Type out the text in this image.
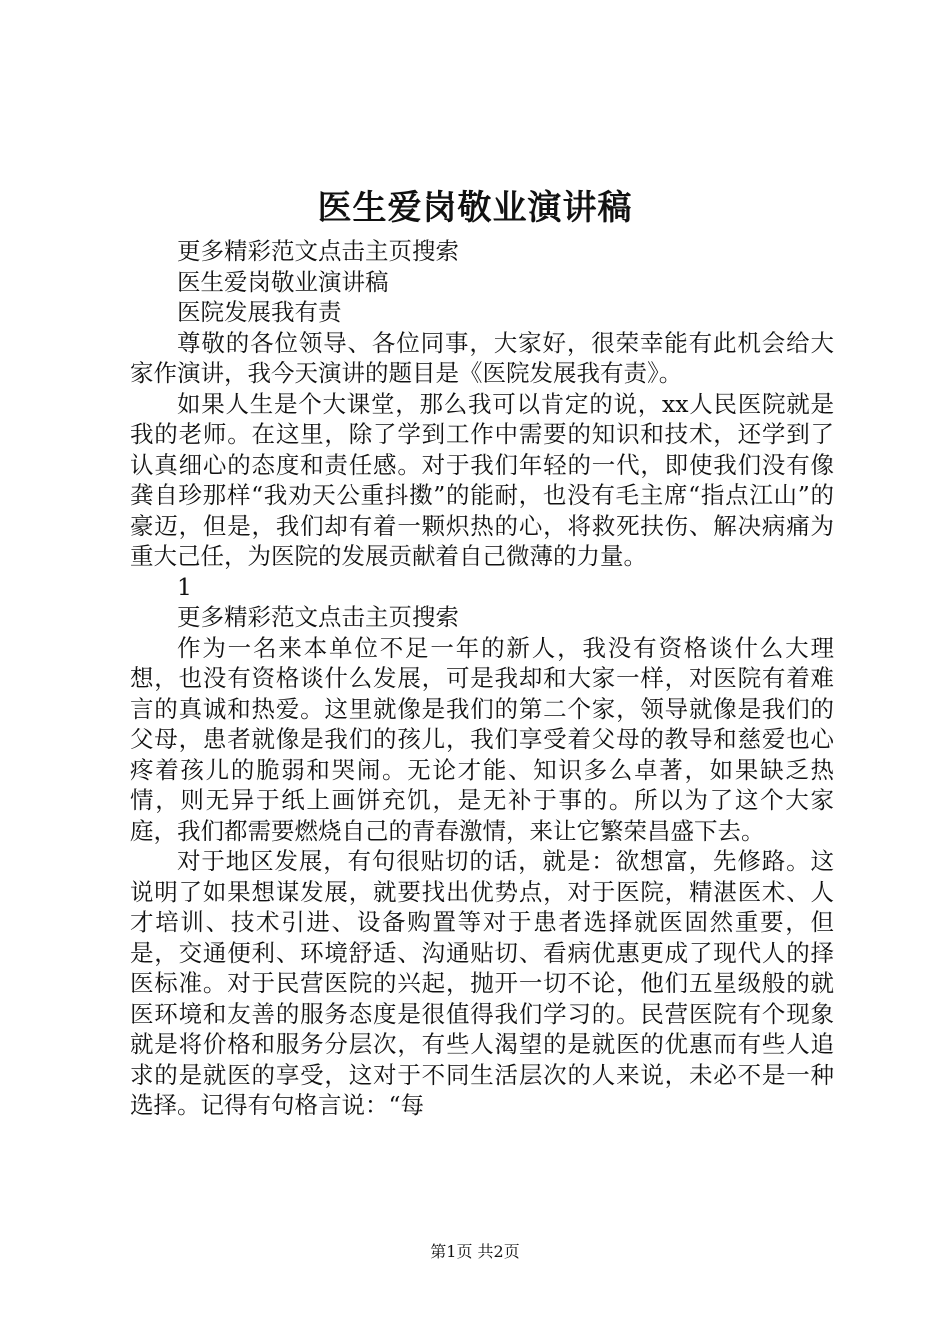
医生爱岗敬业演讲稿

更多精彩范文点击主页搜索

医生爱岗敬业演讲稿

医院发展我有责

尊敬的各位领导、各位同事，大家好，很荣幸能有此机会给大家作演讲，我今天演讲的题目是《医院发展我有责》。

如果人生是个大课堂，那么我可以肯定的说，xx人民医院就是我的老师。在这里，除了学到工作中需要的知识和技术，还学到了认真细心的态度和责任感。对于我们年轻的一代，即使我们没有像龚自珍那样“我劝天公重抖擞”的能耐，也没有毛主席“指点江山”的豪迈，但是，我们却有着一颗炽热的心，将救死扶伤、解决病痛为重大己任，为医院的发展贡献着自己微薄的力量。

1

更多精彩范文点击主页搜索

作为一名来本单位不足一年的新人，我没有资格谈什么大理想，也没有资格谈什么发展，可是我却和大家一样，对医院有着难言的真诚和热爱。这里就像是我们的第二个家，领导就像是我们的父母，患者就像是我们的孩儿，我们享受着父母的教导和慈爱也心疼着孩儿的脆弱和哭闹。无论才能、知识多么卓著，如果缺乏热情，则无异于纸上画饼充饥，是无补于事的。所以为了这个大家庭，我们都需要燃烧自己的青春激情，来让它繁荣昌盛下去。

对于地区发展，有句很贴切的话，就是：欲想富，先修路。这说明了如果想谋发展，就要找出优势点，对于医院，精湛医术、人才培训、技术引进、设备购置等对于患者选择就医固然重要，但是，交通便利、环境舒适、沟通贴切、看病优惠更成了现代人的择医标准。对于民营医院的兴起，抛开一切不论，他们五星级般的就医环境和友善的服务态度是很值得我们学习的。民营医院有个现象就是将价格和服务分层次，有些人渴望的是就医的优惠而有些人追求的是就医的享受，这对于不同生活层次的人来说，未必不是一种选择。记得有句格言说：“每

第1页 共2页
